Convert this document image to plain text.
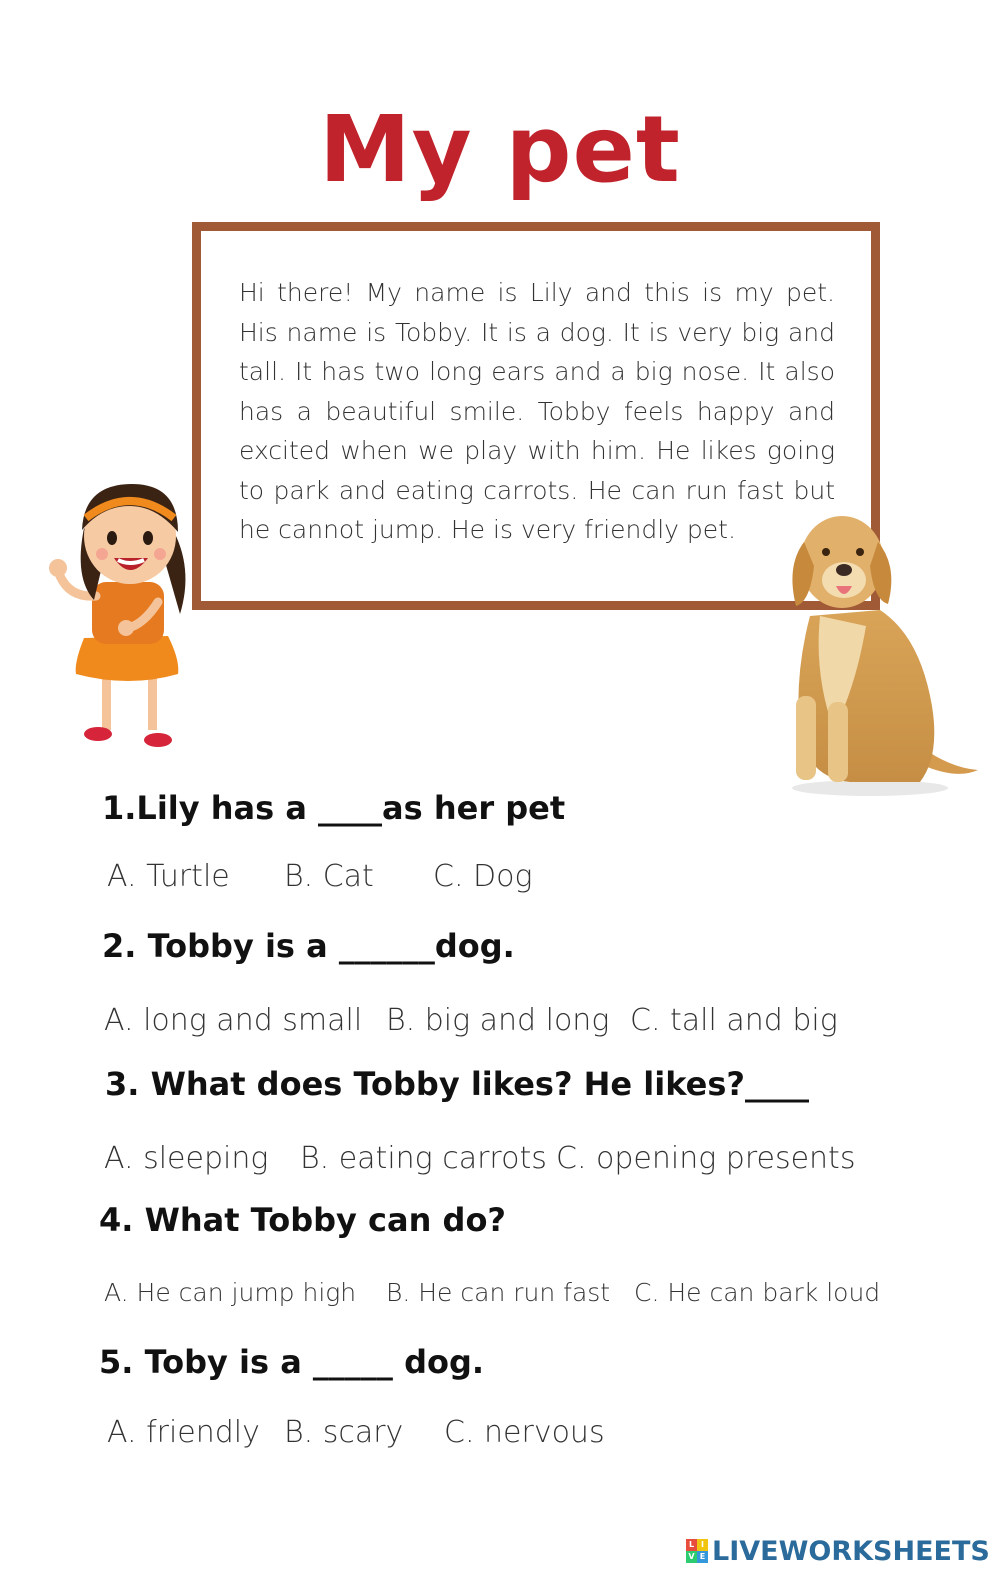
My pet
Hi there! My name is Lily and this is my pet. His name is Tobby. It is a dog. It is very big and tall. It has two long ears and a big nose. It also has a beautiful smile. Tobby feels happy and excited when we play with him. He likes going to park and eating carrots. He can run fast but he cannot jump. He is very friendly pet.
1.Lily has a ____as her pet
A. Turtle B. Cat C. Dog
2. Tobby is a ______dog.
A. long and small B. big and long C. tall and big
3. What does Tobby likes? He likes?____
A. sleeping B. eating carrots C. opening presents
4. What Tobby can do?
A. He can jump high B. He can run fast C. He can bark loud
5. Toby is a _____ dog.
A. friendly B. scary C. nervous
L I
V E LIVEWORKSHEETS
